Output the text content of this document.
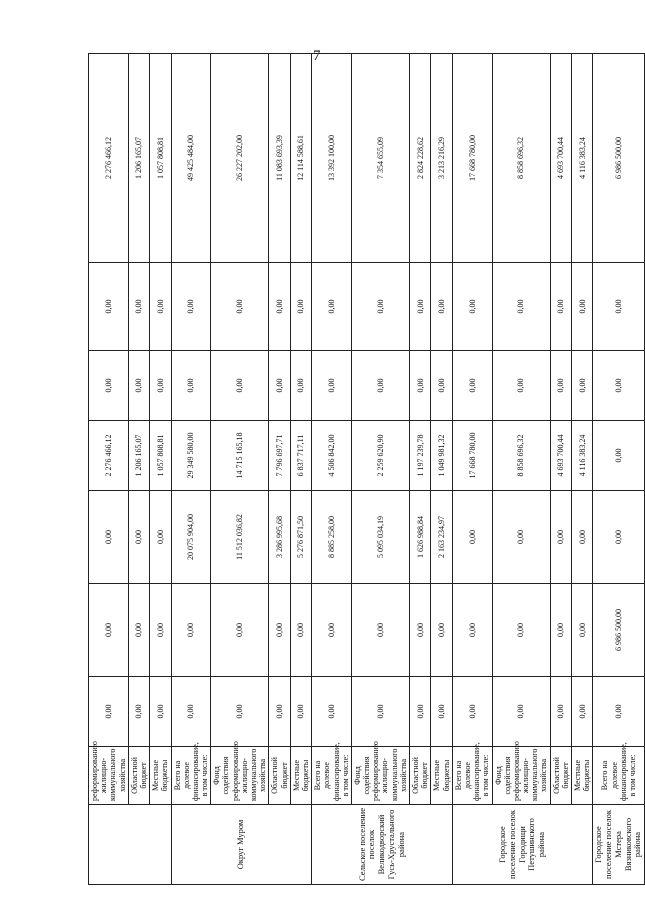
7
	реформированию жилищно-коммунального хозяйства	0,00	0,00	0,00	2 276 466,12	0,00	0,00	2 276 466,12
	Областной бюджет	0,00	0,00	0,00	1 206 165,07	0,00	0,00	1 206 165,07
	Местные бюджеты	0,00	0,00	0,00	1 057 808,81	0,00	0,00	1 057 808,81
Округ Муром	Всего на долевое финансирование, в том числе:	0,00	0,00	20 075 904,00	29 349 580,00	0,00	0,00	49 425 484,00
	Фонд содействия реформированию жилищно-коммунального хозяйства	0,00	0,00	11 512 036,82	14 715 165,18	0,00	0,00	26 227 202,00
	Областной бюджет	0,00	0,00	3 286 995,68	7 796 697,71	0,00	0,00	11 083 693,39
	Местные бюджеты	0,00	0,00	5 276 871,50	6 837 717,11	0,00	0,00	12 114 588,61
Сельское поселение поселок Великодворский Гусь-Хрустального района	Всего на долевое финансирование, в том числе:	0,00	0,00	8 885 258,00	4 506 842,00	0,00	0,00	13 392 100,00
	Фонд содействия реформированию жилищно-коммунального хозяйства	0,00	0,00	5 095 034,19	2 259 620,90	0,00	0,00	7 354 655,09
	Областной бюджет	0,00	0,00	1 626 988,84	1 197 239,78	0,00	0,00	2 824 228,62
	Местные бюджеты	0,00	0,00	2 163 234,97	1 049 981,32	0,00	0,00	3 213 216,29
Городское поселение поселок Городищи Петушинского района	Всего на долевое финансирование, в том числе:	0,00	0,00	0,00	17 668 780,00	0,00	0,00	17 668 780,00
	Фонд содействия реформированию жилищно-коммунального хозяйства	0,00	0,00	0,00	8 858 696,32	0,00	0,00	8 858 696,32
	Областной бюджет	0,00	0,00	0,00	4 693 700,44	0,00	0,00	4 693 700,44
	Местные бюджеты	0,00	0,00	0,00	4 116 383,24	0,00	0,00	4 116 383,24
Городское поселение поселок Мстера Вязниковского района	Всего на долевое финансирование, в том числе:	0,00	6 986 500,00	0,00	0,00	0,00	0,00	6 986 500,00
